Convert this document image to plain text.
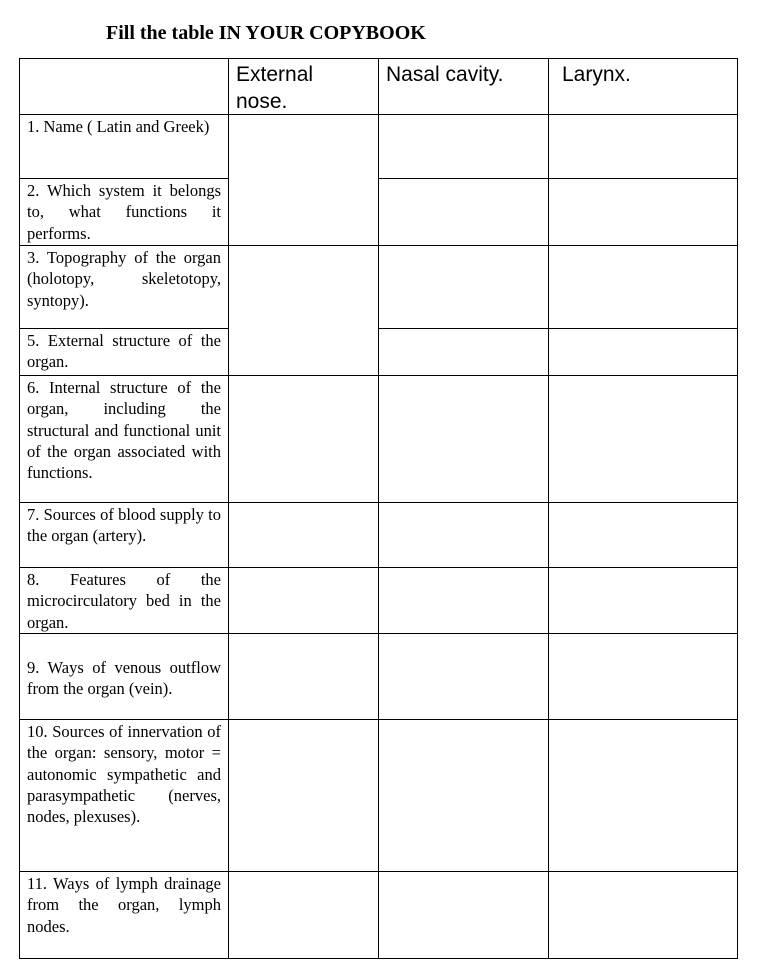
Fill the table IN YOUR COPYBOOK
External nose.
Nasal cavity.	Larynx.
1. Name ( Latin and Greek)
2. Which system it belongs to, what functions it performs.
3. Topography of the organ (holotopy, skeletotopy, syntopy).
5. External structure of the organ.
6. Internal structure of the organ, including the structural and functional unit of the organ associated with functions.
7. Sources of blood supply to the organ (artery).
8. Features of the microcirculatory bed in the organ.
9. Ways of venous outflow from the organ (vein).
10. Sources of innervation of the organ: sensory, motor = autonomic sympathetic and parasympathetic (nerves, nodes, plexuses).
11. Ways of lymph drainage from the organ, lymph nodes.
